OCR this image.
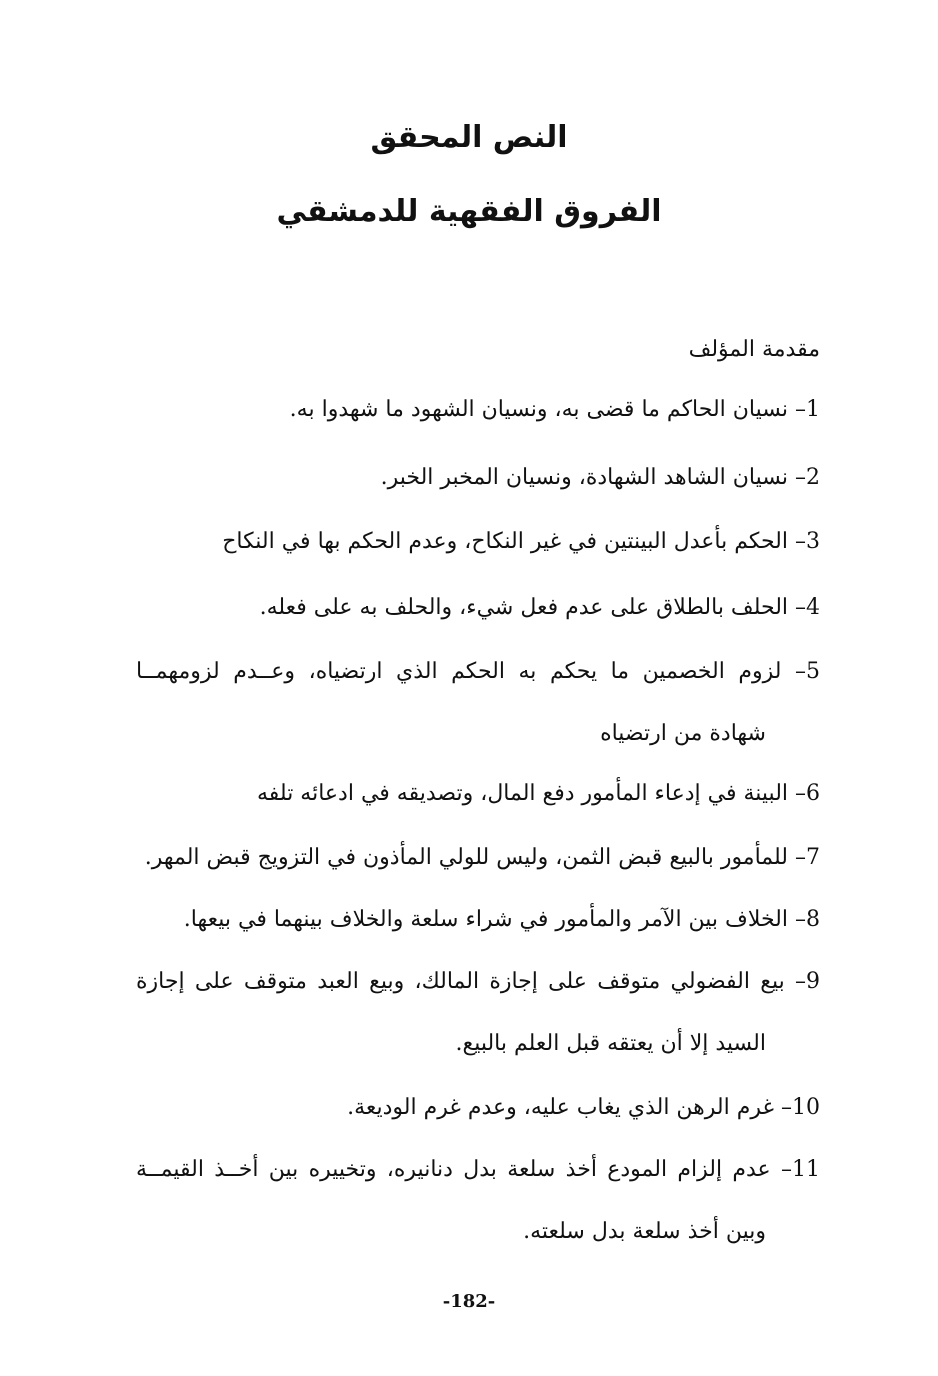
النص المحقق
الفروق الفقهية للدمشقي
مقدمة المؤلف
1– نسيان الحاكم ما قضى به، ونسيان الشهود ما شهدوا به.
2– نسيان الشاهد الشهادة، ونسيان المخبر الخبر.
3– الحكم بأعدل البينتين في غير النكاح، وعدم الحكم بها في النكاح
4– الحلف بالطلاق على عدم فعل شيء، والحلف به على فعله.
5– لزوم الخصمين ما يحكم به الحكم الذي ارتضياه، وعــدم لزومهمــا
شهادة من ارتضياه
6– البينة في إدعاء المأمور دفع المال، وتصديقه في ادعائه تلفه
7– للمأمور بالبيع قبض الثمن، وليس للولي المأذون في التزويج قبض المهر.
8– الخلاف بين الآمر والمأمور في شراء سلعة والخلاف بينهما في بيعها.
9– بيع الفضولي متوقف على إجازة المالك، وبيع العبد متوقف على إجازة
السيد إلا أن يعتقه قبل العلم بالبيع.
10– غرم الرهن الذي يغاب عليه، وعدم غرم الوديعة.
11– عدم إلزام المودع أخذ سلعة بدل دنانيره، وتخييره بين أخــذ القيمــة
وبين أخذ سلعة بدل سلعته.
-182-
